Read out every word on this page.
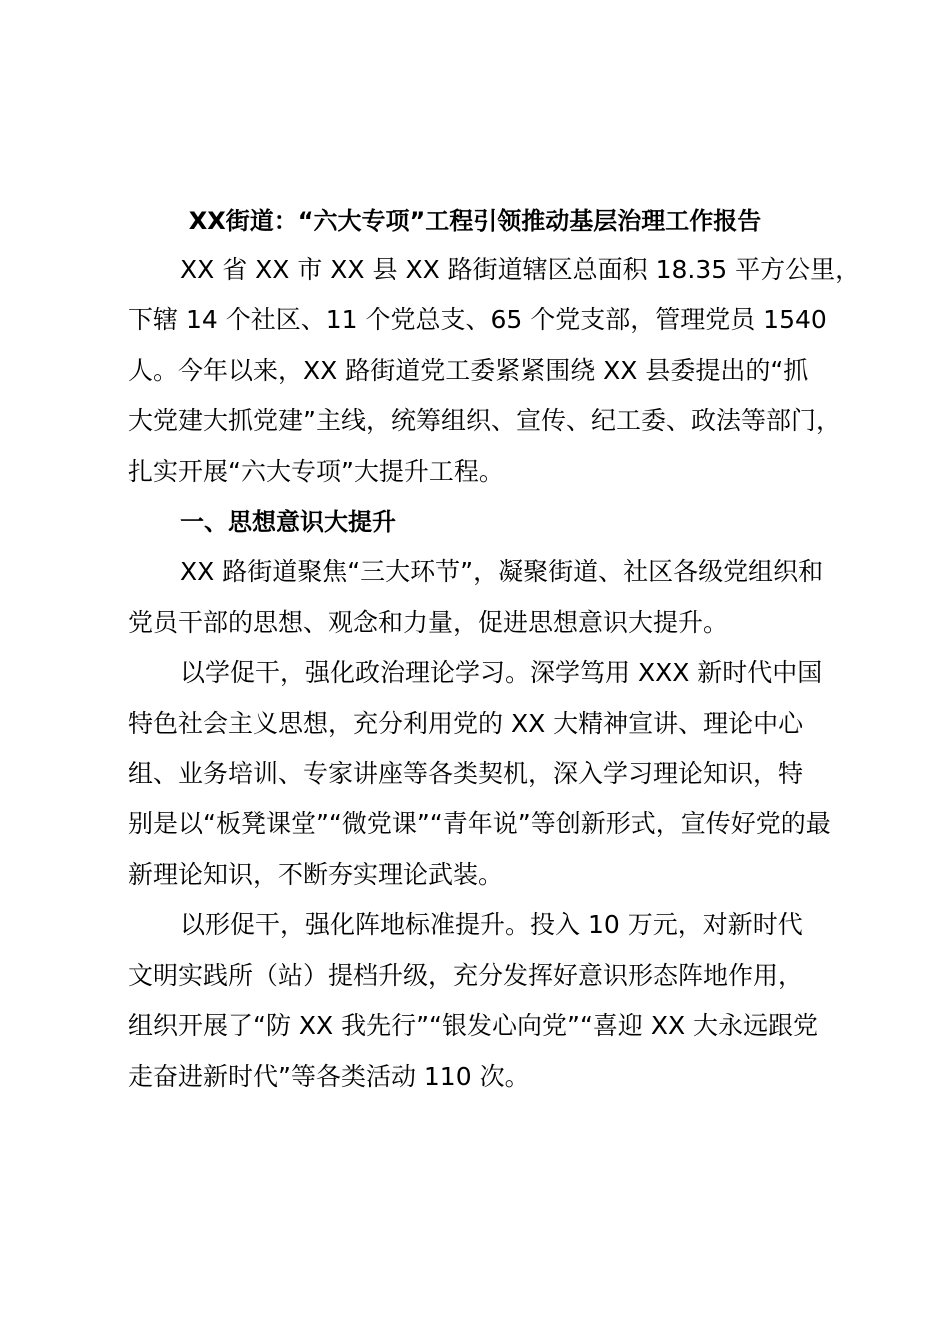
XX街道：“六大专项”工程引领推动基层治理工作报告
XX 省 XX 市 XX 县 XX 路街道辖区总面积 18.35 平方公里，
下辖 14 个社区、11 个党总支、65 个党支部，管理党员 1540
人。今年以来，XX 路街道党工委紧紧围绕 XX 县委提出的“抓
大党建大抓党建”主线，统筹组织、宣传、纪工委、政法等部门，
扎实开展“六大专项”大提升工程。
一、思想意识大提升
XX 路街道聚焦“三大环节”，凝聚街道、社区各级党组织和
党员干部的思想、观念和力量，促进思想意识大提升。
以学促干，强化政治理论学习。深学笃用 XXX 新时代中国
特色社会主义思想，充分利用党的 XX 大精神宣讲、理论中心
组、业务培训、专家讲座等各类契机，深入学习理论知识，特
别是以“板凳课堂”“微党课”“青年说”等创新形式，宣传好党的最
新理论知识，不断夯实理论武装。
以形促干，强化阵地标准提升。投入 10 万元，对新时代
文明实践所（站）提档升级，充分发挥好意识形态阵地作用，
组织开展了“防 XX 我先行”“银发心向党”“喜迎 XX 大永远跟党
走奋进新时代”等各类活动 110 次。
